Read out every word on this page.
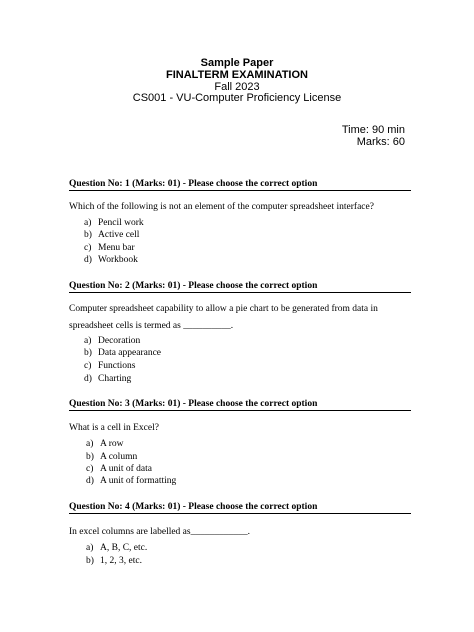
Sample Paper
FINALTERM EXAMINATION
Fall 2023
CS001 - VU-Computer Proficiency License
Time: 90 min
Marks: 60
Question No: 1 (Marks: 01) - Please choose the correct option
Which of the following is not an element of the computer spreadsheet interface?
a) Pencil work
b) Active cell
c) Menu bar
d) Workbook
Question No: 2 (Marks: 01) - Please choose the correct option
Computer spreadsheet capability to allow a pie chart to be generated from data in
spreadsheet cells is termed as __________.
a) Decoration
b) Data appearance
c) Functions
d) Charting
Question No: 3 (Marks: 01) - Please choose the correct option
What is a cell in Excel?
a) A row
b) A column
c) A unit of data
d) A unit of formatting
Question No: 4 (Marks: 01) - Please choose the correct option
In excel columns are labelled as____________.
a) A, B, C, etc.
b) 1, 2, 3, etc.
